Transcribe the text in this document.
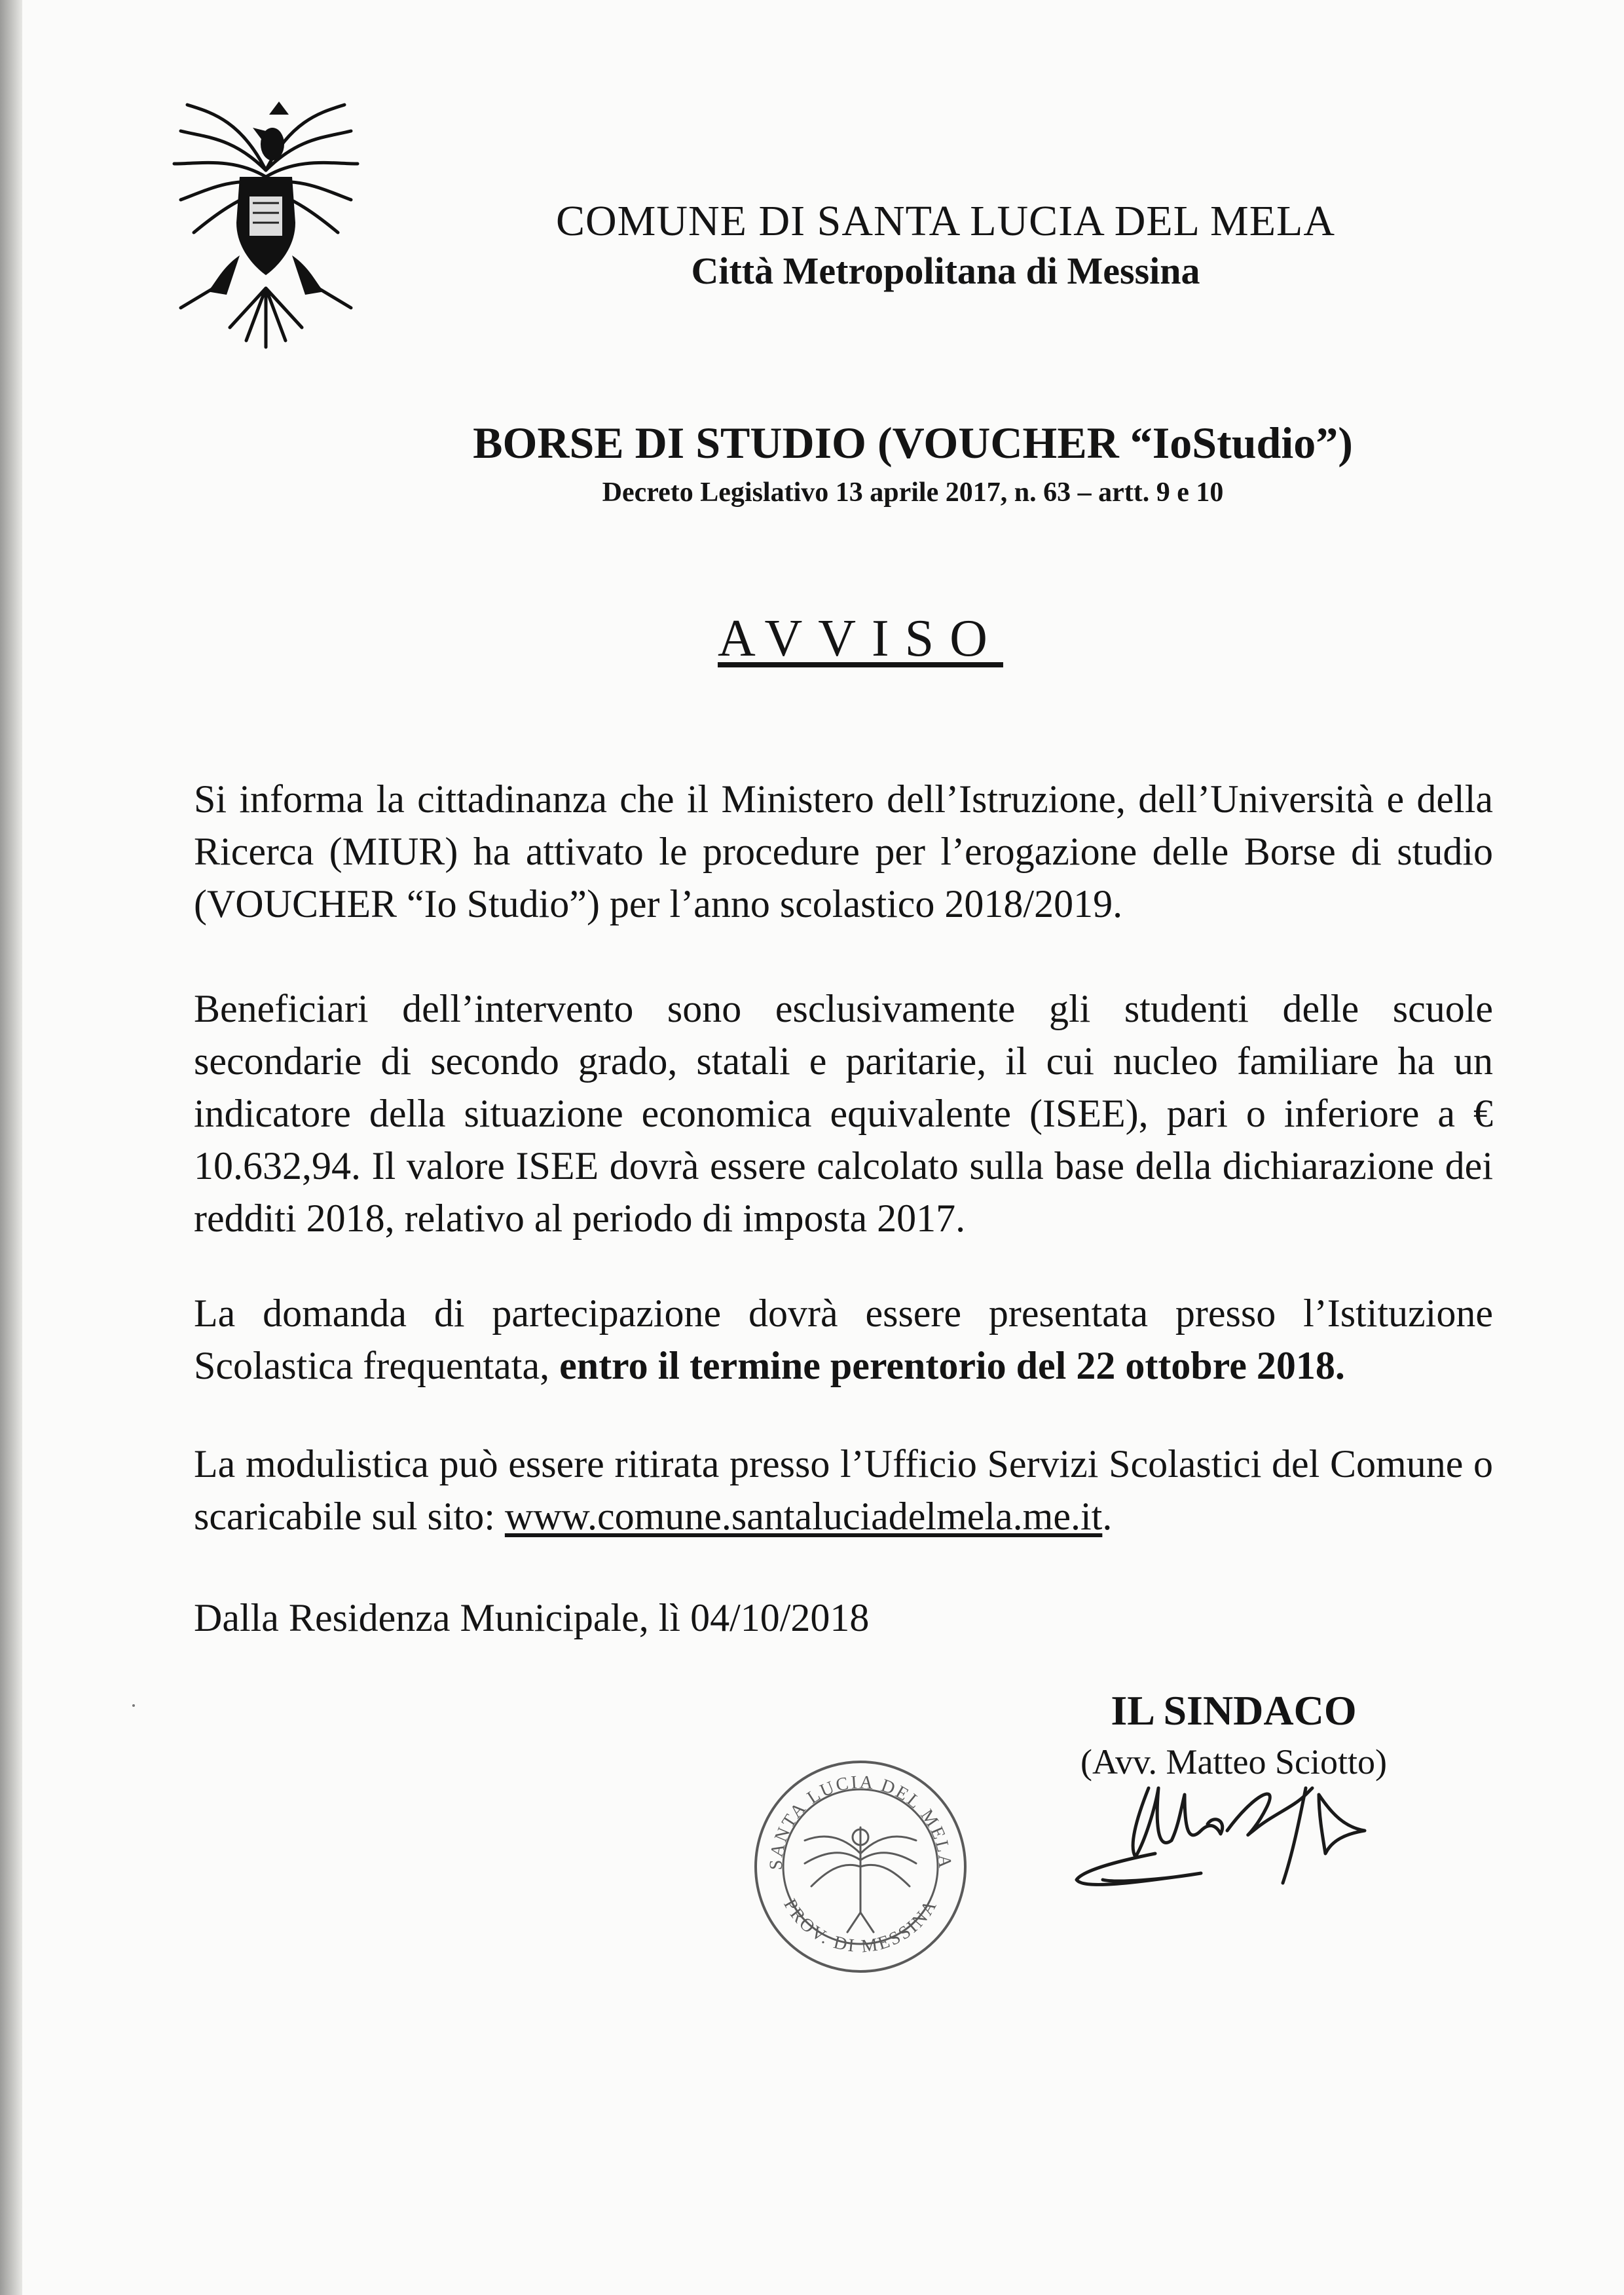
COMUNE DI SANTA LUCIA DEL MELA
Città Metropolitana di Messina
BORSE DI STUDIO (VOUCHER “IoStudio”)
Decreto Legislativo 13 aprile 2017, n. 63 – artt. 9 e 10
AVVISO
Si informa la cittadinanza che il Ministero dell’Istruzione, dell’Università e della Ricerca (MIUR) ha attivato le procedure per l’erogazione delle Borse di studio (VOUCHER “Io Studio”) per l’anno scolastico 2018/2019.
Beneficiari dell’intervento sono esclusivamente gli studenti delle scuole secondarie di secondo grado, statali e paritarie, il cui nucleo familiare ha un indicatore della situazione economica equivalente (ISEE), pari o inferiore a € 10.632,94. Il valore ISEE dovrà essere calcolato sulla base della dichiarazione dei redditi 2018, relativo al periodo di imposta 2017.
La domanda di partecipazione dovrà essere presentata presso l’Istituzione Scolastica frequentata, entro il termine perentorio del 22 ottobre 2018.
La modulistica può essere ritirata presso l’Ufficio Servizi Scolastici del Comune o scaricabile sul sito: www.comune.santaluciadelmela.me.it.
Dalla Residenza Municipale, lì 04/10/2018
IL SINDACO
(Avv. Matteo Sciotto)
SANTA LUCIA DEL MELA
PROV. DI MESSINA
